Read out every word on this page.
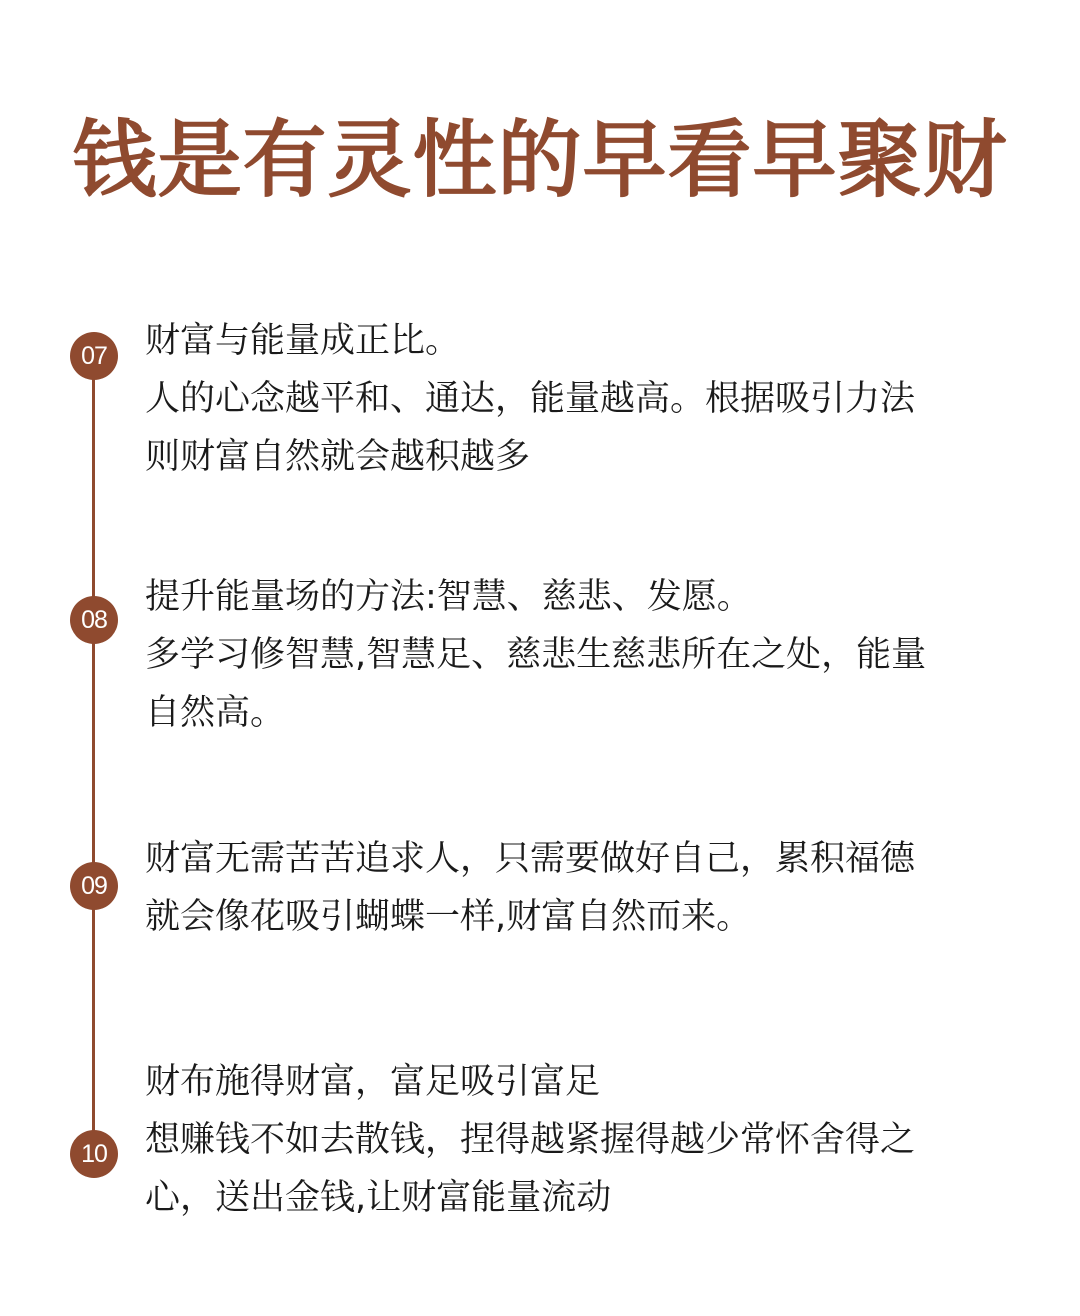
钱是有灵性的早看早聚财
07	财富与能量成正比。
人的心念越平和、通达，能量越高。根据吸引力法
则财富自然就会越积越多
08
提升能量场的方法:智慧、慈悲、发愿。
多学习修智慧,智慧足、慈悲生慈悲所在之处，能量
自然高。
09
财富无需苦苦追求人，只需要做好自己，累积福德
就会像花吸引蝴蝶一样,财富自然而来。
10
财布施得财富，富足吸引富足
想赚钱不如去散钱，捏得越紧握得越少常怀舍得之
心，送出金钱,让财富能量流动
